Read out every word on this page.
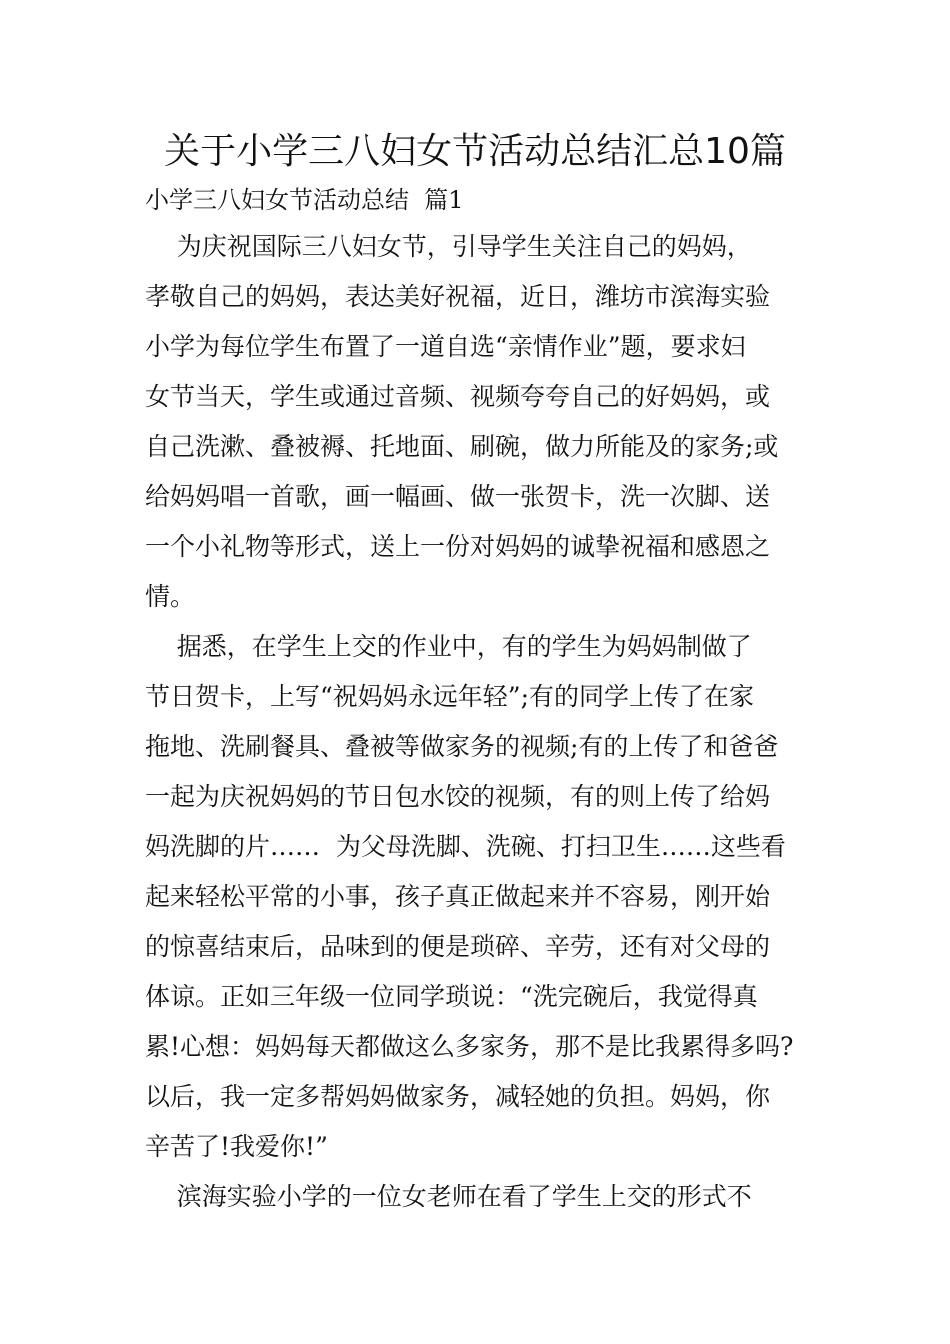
关于小学三八妇女节活动总结汇总10篇
小学三八妇女节活动总结  篇1
为庆祝国际三八妇女节，引导学生关注自己的妈妈，
孝敬自己的妈妈，表达美好祝福，近日，潍坊市滨海实验
小学为每位学生布置了一道自选“亲情作业”题，要求妇
女节当天，学生或通过音频、视频夸夸自己的好妈妈，或
自己洗漱、叠被褥、托地面、刷碗，做力所能及的家务;或
给妈妈唱一首歌，画一幅画、做一张贺卡，洗一次脚、送
一个小礼物等形式，送上一份对妈妈的诚挚祝福和感恩之
情。
据悉，在学生上交的作业中，有的学生为妈妈制做了
节日贺卡，上写“祝妈妈永远年轻”;有的同学上传了在家
拖地、洗刷餐具、叠被等做家务的视频;有的上传了和爸爸
一起为庆祝妈妈的节日包水饺的视频，有的则上传了给妈
妈洗脚的片……  为父母洗脚、洗碗、打扫卫生……这些看
起来轻松平常的小事，孩子真正做起来并不容易，刚开始
的惊喜结束后，品味到的便是琐碎、辛劳，还有对父母的
体谅。正如三年级一位同学琐说：“洗完碗后，我觉得真
累!心想：妈妈每天都做这么多家务，那不是比我累得多吗?
以后，我一定多帮妈妈做家务，减轻她的负担。妈妈，你
辛苦了!我爱你!”
滨海实验小学的一位女老师在看了学生上交的形式不
